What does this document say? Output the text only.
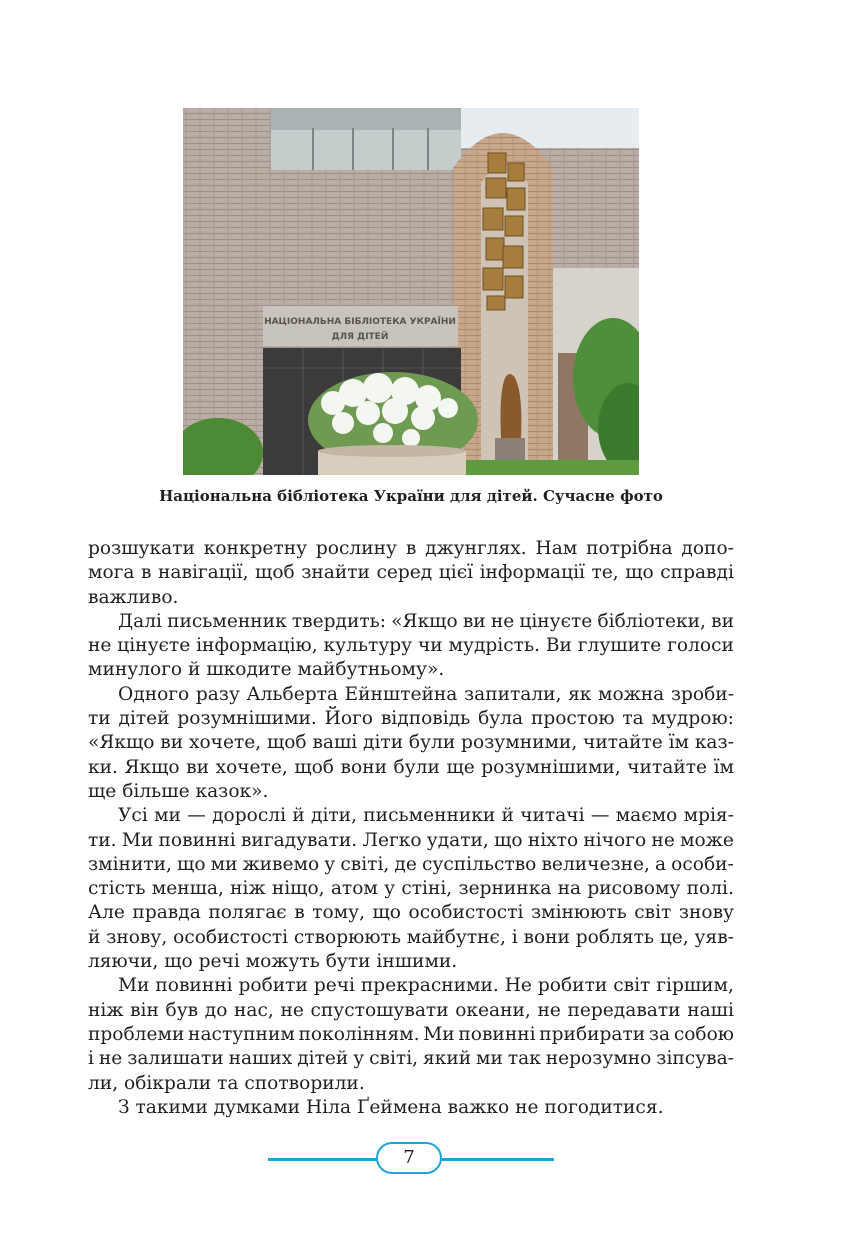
НАЦІОНАЛЬНА БІБЛІОТЕКА УКРАЇНИ
ДЛЯ ДІТЕЙ
Національна бібліотека України для дітей. Сучасне фото
розшукати конкретну рослину в джунглях. Нам потрібна допо-
мога в навігації, щоб знайти серед цієї інформації те, що справді
важливо.
Далі письменник твердить: «Якщо ви не цінуєте бібліотеки, ви
не цінуєте інформацію, культуру чи мудрість. Ви глушите голоси
минулого й шкодите майбутньому».
Одного разу Альберта Ейнштейна запитали, як можна зроби-
ти дітей розумнішими. Його відповідь була простою та мудрою:
«Якщо ви хочете, щоб ваші діти були розумними, читайте їм каз-
ки. Якщо ви хочете, щоб вони були ще розумнішими, читайте їм
ще більше казок».
Усі ми — дорослі й діти, письменники й читачі — маємо мрія-
ти. Ми повинні вигадувати. Легко удати, що ніхто нічого не може
змінити, що ми живемо у світі, де суспільство величезне, а особи-
стість менша, ніж ніщо, атом у стіні, зернинка на рисовому полі.
Але правда полягає в тому, що особистості змінюють світ знову
й знову, особистості створюють майбутнє, і вони роблять це, уяв-
ляючи, що речі можуть бути іншими.
Ми повинні робити речі прекрасними. Не робити світ гіршим,
ніж він був до нас, не спустошувати океани, не передавати наші
проблеми наступним поколінням. Ми повинні прибирати за собою
і не залишати наших дітей у світі, який ми так нерозумно зіпсува-
ли, обікрали та спотворили.
З такими думками Ніла Ґеймена важко не погодитися.
7
